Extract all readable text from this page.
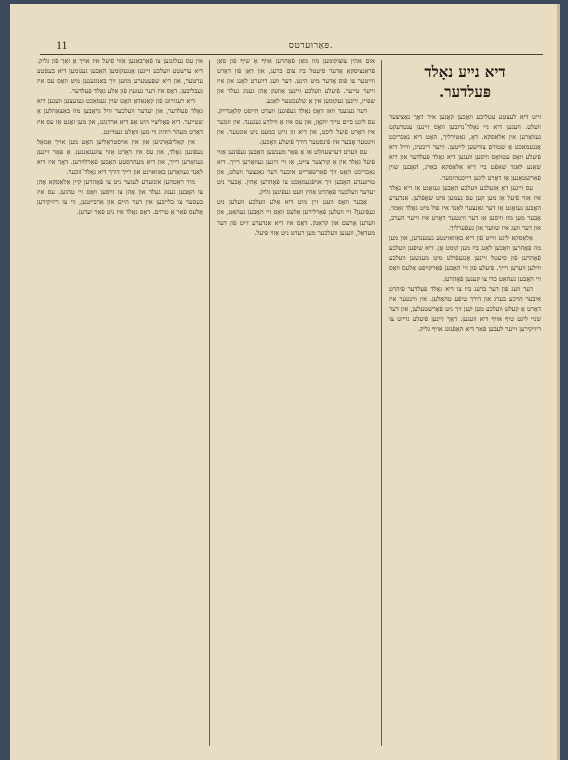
11	פּאַרוּערטס.
דיא נייע נאָלד
פּעלדער.

זייט דיא לעצטע עטליכע וואָכען קאָנען איר דאָך נאָציצער וועלט. וועגען דיא ניי נאָלד־נרובען וואָס זיינען ענטדעקט נעוואָרען אין אלאַסקא. דאָ, נאַטירליך, האָט דיא נאַכריכט אָנגעמאַכט אַ שטורם צווישען לייטען. זייער ריכטיג, ווייל דיא פֿיעלע וואָס עטוואָס וויסען וועגען דיא גאָלד פעלדער און דיא שאָנע לאַנד שאַפֿט ביי דיא אַלאַסקא באַרג, האָבען שוין פֿאַרשטאַנען אַז דאָרט ליגען רייכטהימער.

עס זיינען דאָ אַזעלכע וועלכע האָבען געזאָגט אַז דיא נאָלד איז אַזוי פֿיעל אַז מען קען עס נעמען מיט שאָפֿלען. אנדערע האָבען געזאָגט אַז דער גאַנצער לאַנד איז פול מיט גאָלד זאַמד. אָבער מען מוז וויסען אַז דער ווינטער דאָרט איז זייער הערב, און דער וועג איז שווער און געפֿערליך.

אַלאַסקא ליגט ווייט פֿון דיא באַוואוינטע געגענדען, און מען מוז פֿאָהרען וואָכען לאַנג ביז מען קומט אָן. דיא שיפֿען וועלכע פֿאָהרען פֿון סיעטל זיינען אָנגעפֿילט מיט מענשען וועלכע ווילען ווערען רייך. פֿיעלע פֿון זיי האָבען פֿאַרקויפֿט אַלעס וואָס זיי האָבען געהאַט כדי צו קענען פֿאָהרען.

דער וועג פֿון דער ברעג ביז צו דיא גאָלד פעלדער פֿיהרט איבער הויכע בערג און דורך טיפֿע טהאָלען. אין ווינטער איז דאָרט אַ קעלט וועלכע מען קען זיך ניט פֿאָרשטעלען, און דער שניי ליגט טיף אויף דיא וועגען. דאָך זיינען פֿיעלע גרייט צו ריזיקירען זייער לעבען פֿאַר דיא האָפֿנונג אויף גליק.

אום אהין צוצוקומען מוז מאַן פֿאָהרען אויף אַ שיף פֿון סאַן פֿראַנציסקאָ אָדער סיעטל ביז צום ברעג, און דאַן פֿון דאָרט ווייטער צו פֿוס אָדער מיט הינט. דער וועג דויערט לאַנג און איז זייער טייער. פֿיעלע וועלכע זיינען אַוועק אָהן גענוג געלד און שפּייז, זיינען געקומען אין אַ שלעכטער לאַגע.

דער נעגענד וואו דאָס נאָלד געפֿונען ווערט הייסט קלאָנדייק. עס ליגט ביים טייך יוקאָן, און עס איז אַ ווילדע געגענד. אין זומער איז דאָרט פֿיעל ליכט, און דיא זון גייט כמעט ניט אונטער. אין ווינטער אָבער איז פֿינסטער דורך פֿיעלע וואָכען.

עס ווערט דערצעהלט אַז אַ פּאָר מענשען האָבען געפֿונען אַזוי פֿיעל גאָלד אין אַ קורצער צייט, אַז זיי זיינען געוואָרען רייך. דיא נאַכריכט האָט זיך פֿאַרשפּרייט איבער דער גאַנצער וועלט, און טויזענדע האָבען זיך אויפֿגעמאַכט צו פֿאָהרען אַהין. אָבער ניט יעדער וועלכער פֿאָהרט אַהין וועט געפֿינען גליק.

אָבער וואָס וועט זיין מיט דיא אַלע וועלכע וועלען ניט געפֿינען? זיי וועלען פֿאַרלירען אַלעס וואָס זיי האָבען געהאַט, און ווערען אָרעם און קראַנק. דאָס איז דיא אַנדערע זייט פֿון דער מעדאַל, וועגען וועלכער מען רעדט ניט אַזוי פֿיעל.

אין עס נעלונגען צו פֿאַרבאַנען אַזוי פֿיעל איז אויך אַ זאַך פֿון גליק. דיא ערשטע וועלכע זיינען אָנגעקומען האָבען גענומען דיא בעסטע ערטער, און דיא שפּעטערע מוזען זיך באַנוגענען מיט וואָס עס איז געבליבען. דאָס איז דער געזעץ פֿון אַלע גאָלד פעלדער.

דיא רעגירונג פֿון קאַנאַדאַ האָט שוין געמאַכט געזעצען וועגען דיא גאָלד פעלדער, און יעדער וועלכער וויל גראָבען מוז באַצאָהלען אַ שטייער. דיא פּאָליציי היט אָפּ דיא ארדנונג, און מען זאָגט אַז עס איז דאָרט מעהר רוהיג ווי מען וואָלט געמיינט.

אין קאַליפֿאָרניען און אין אויסטראַליען האָט מען אויך אַמאָל געפֿונען גאָלד, און עס איז דאָרט אַזוי צוגעגאַנגען. אַ פּאָר זיינען געוואָרען רייך, און דיא מעהרסטע האָבען פֿאַרלוירען. דאָך איז דיא לאַנד געוואָרען באַוואוינט און רייך דורך דיא גאָלד־זוכער.

מיר ראַטהען אונזערע לעזער ניט צו פֿאָהרען קיין אַלאַסקא אָהן צו האָבען גענוג געלד און אָהן צו וויסען וואָס זיי טהוען. עס איז בעסער צו בלייבען אין דער היים און אַרבייטען, ווי צו ריזיקירען אַלעס פֿאַר אַ טרוים. דאָס גאָלד איז ניט פֿאַר יעדען.
